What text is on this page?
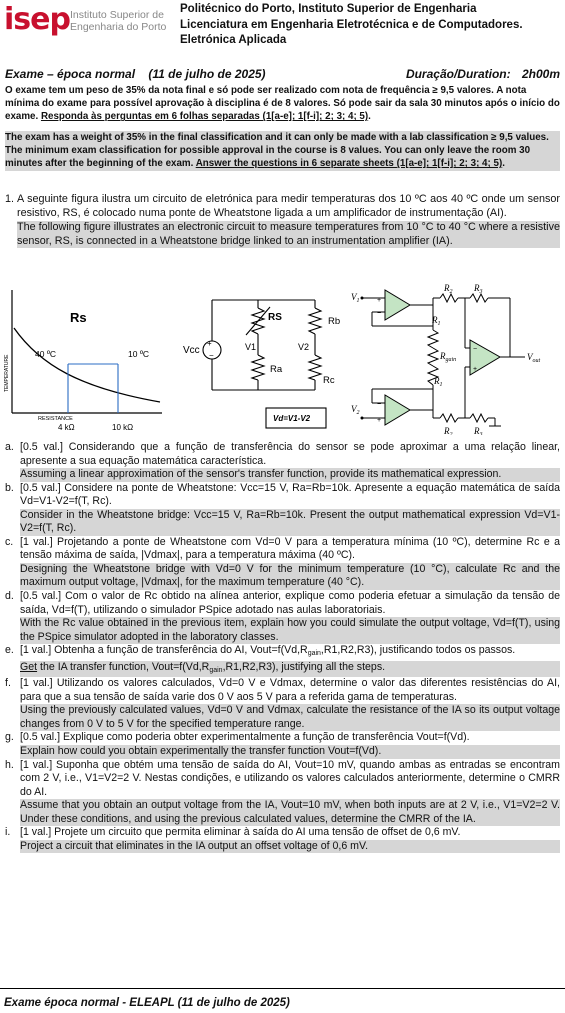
isep Instituto Superior de
Engenharia do Porto
Politécnico do Porto, Instituto Superior de Engenharia
Licenciatura em Engenharia Eletrotécnica e de Computadores.
Eletrónica Aplicada
Exame – época normal    (11 de julho de 2025)	Duração/Duration: 2h00m
O exame tem um peso de 35% da nota final e só pode ser realizado com nota de frequência ≥ 9,5 valores. A nota mínima do exame para possível aprovação à disciplina é de 8 valores. Só pode sair da sala 30 minutos após o início do exame. Responda às perguntas em 6 folhas separadas (1[a-e]; 1[f-i]; 2; 3; 4; 5).
The exam has a weight of 35% in the final classification and it can only be made with a lab classification ≥ 9,5 values. The minimum exam classification for possible approval in the course is 8 values. You can only leave the room 30 minutes after the beginning of the exam. Answer the questions in 6 separate sheets (1[a-e]; 1[f-i]; 2; 3; 4; 5).
1. A seguinte figura ilustra um circuito de eletrónica para medir temperaturas dos 10 ºC aos 40 ºC onde um sensor resistivo, RS, é colocado numa ponte de Wheatstone ligada a um amplificador de instrumentação (AI).
The following figure illustrates an electronic circuit to measure temperatures from 10 °C to 40 °C where a resistive sensor, RS, is connected in a Wheatstone bridge linked to an instrumentation amplifier (IA).
Rs
40 ºC	10 ºC
TEMPERATURE
RESISTANCE
4 kΩ	10 kΩ
+
−
Vcc
RS	Rb
V1	V2
Ra
Rc
Vd=V1-V2
+
−
−
+
−
+
$V_1$
$V_2$
$R_2$ $R_3$
$R_1$
$R_{gain}$
$R_1$
$R_2$ $R_3$
$V_{out}$
a. [0.5 val.] Considerando que a função de transferência do sensor se pode aproximar a uma relação linear, apresente a sua equação matemática característica.
Assuming a linear approximation of the sensor's transfer function, provide its mathematical expression.
b. [0.5 val.] Considere na ponte de Wheatstone: Vcc=15 V, Ra=Rb=10k. Apresente a equação matemática de saída Vd=V1-V2=f(T, Rc).
Consider in the Wheatstone bridge: Vcc=15 V, Ra=Rb=10k. Present the output mathematical expression Vd=V1-V2=f(T, Rc).
c. [1 val.] Projetando a ponte de Wheatstone com Vd=0 V para a temperatura mínima (10 ºC), determine Rc e a tensão máxima de saída, |Vdmax|, para a temperatura máxima (40 ºC).
Designing the Wheatstone bridge with Vd=0 V for the minimum temperature (10 °C), calculate Rc and the maximum output voltage, |Vdmax|, for the maximum temperature (40 °C).
d. [0.5 val.] Com o valor de Rc obtido na alínea anterior, explique como poderia efetuar a simulação da tensão de saída, Vd=f(T), utilizando o simulador PSpice adotado nas aulas laboratoriais.
With the Rc value obtained in the previous item, explain how you could simulate the output voltage, Vd=f(T), using the PSpice simulator adopted in the laboratory classes.
e. [1 val.] Obtenha a função de transferência do AI, $Vout=f(Vd,R_{gain},R1,R2,R3)$, justificando todos os passos.
Get the IA transfer function, $Vout=f(Vd,R_{gain},R1,R2,R3)$, justifying all the steps.
f. [1 val.] Utilizando os valores calculados, Vd=0 V e Vdmax, determine o valor das diferentes resistências do AI, para que a sua tensão de saída varie dos 0 V aos 5 V para a referida gama de temperaturas.
Using the previously calculated values, Vd=0 V and Vdmax, calculate the resistance of the IA so its output voltage changes from 0 V to 5 V for the specified temperature range.
g. [0.5 val.] Explique como poderia obter experimentalmente a função de transferência Vout=f(Vd).
Explain how could you obtain experimentally the transfer function Vout=f(Vd).
h. [1 val.] Suponha que obtém uma tensão de saída do AI, Vout=10 mV, quando ambas as entradas se encontram com 2 V, i.e., V1=V2=2 V. Nestas condições, e utilizando os valores calculados anteriormente, determine o CMRR do AI.
Assume that you obtain an output voltage from the IA, Vout=10 mV, when both inputs are at 2 V, i.e., V1=V2=2 V. Under these conditions, and using the previous calculated values, determine the CMRR of the IA.
i. [1 val.] Projete um circuito que permita eliminar à saída do AI uma tensão de offset de 0,6 mV.
Project a circuit that eliminates in the IA output an offset voltage of 0,6 mV.
Exame época normal - ELEAPL (11 de julho de 2025)
